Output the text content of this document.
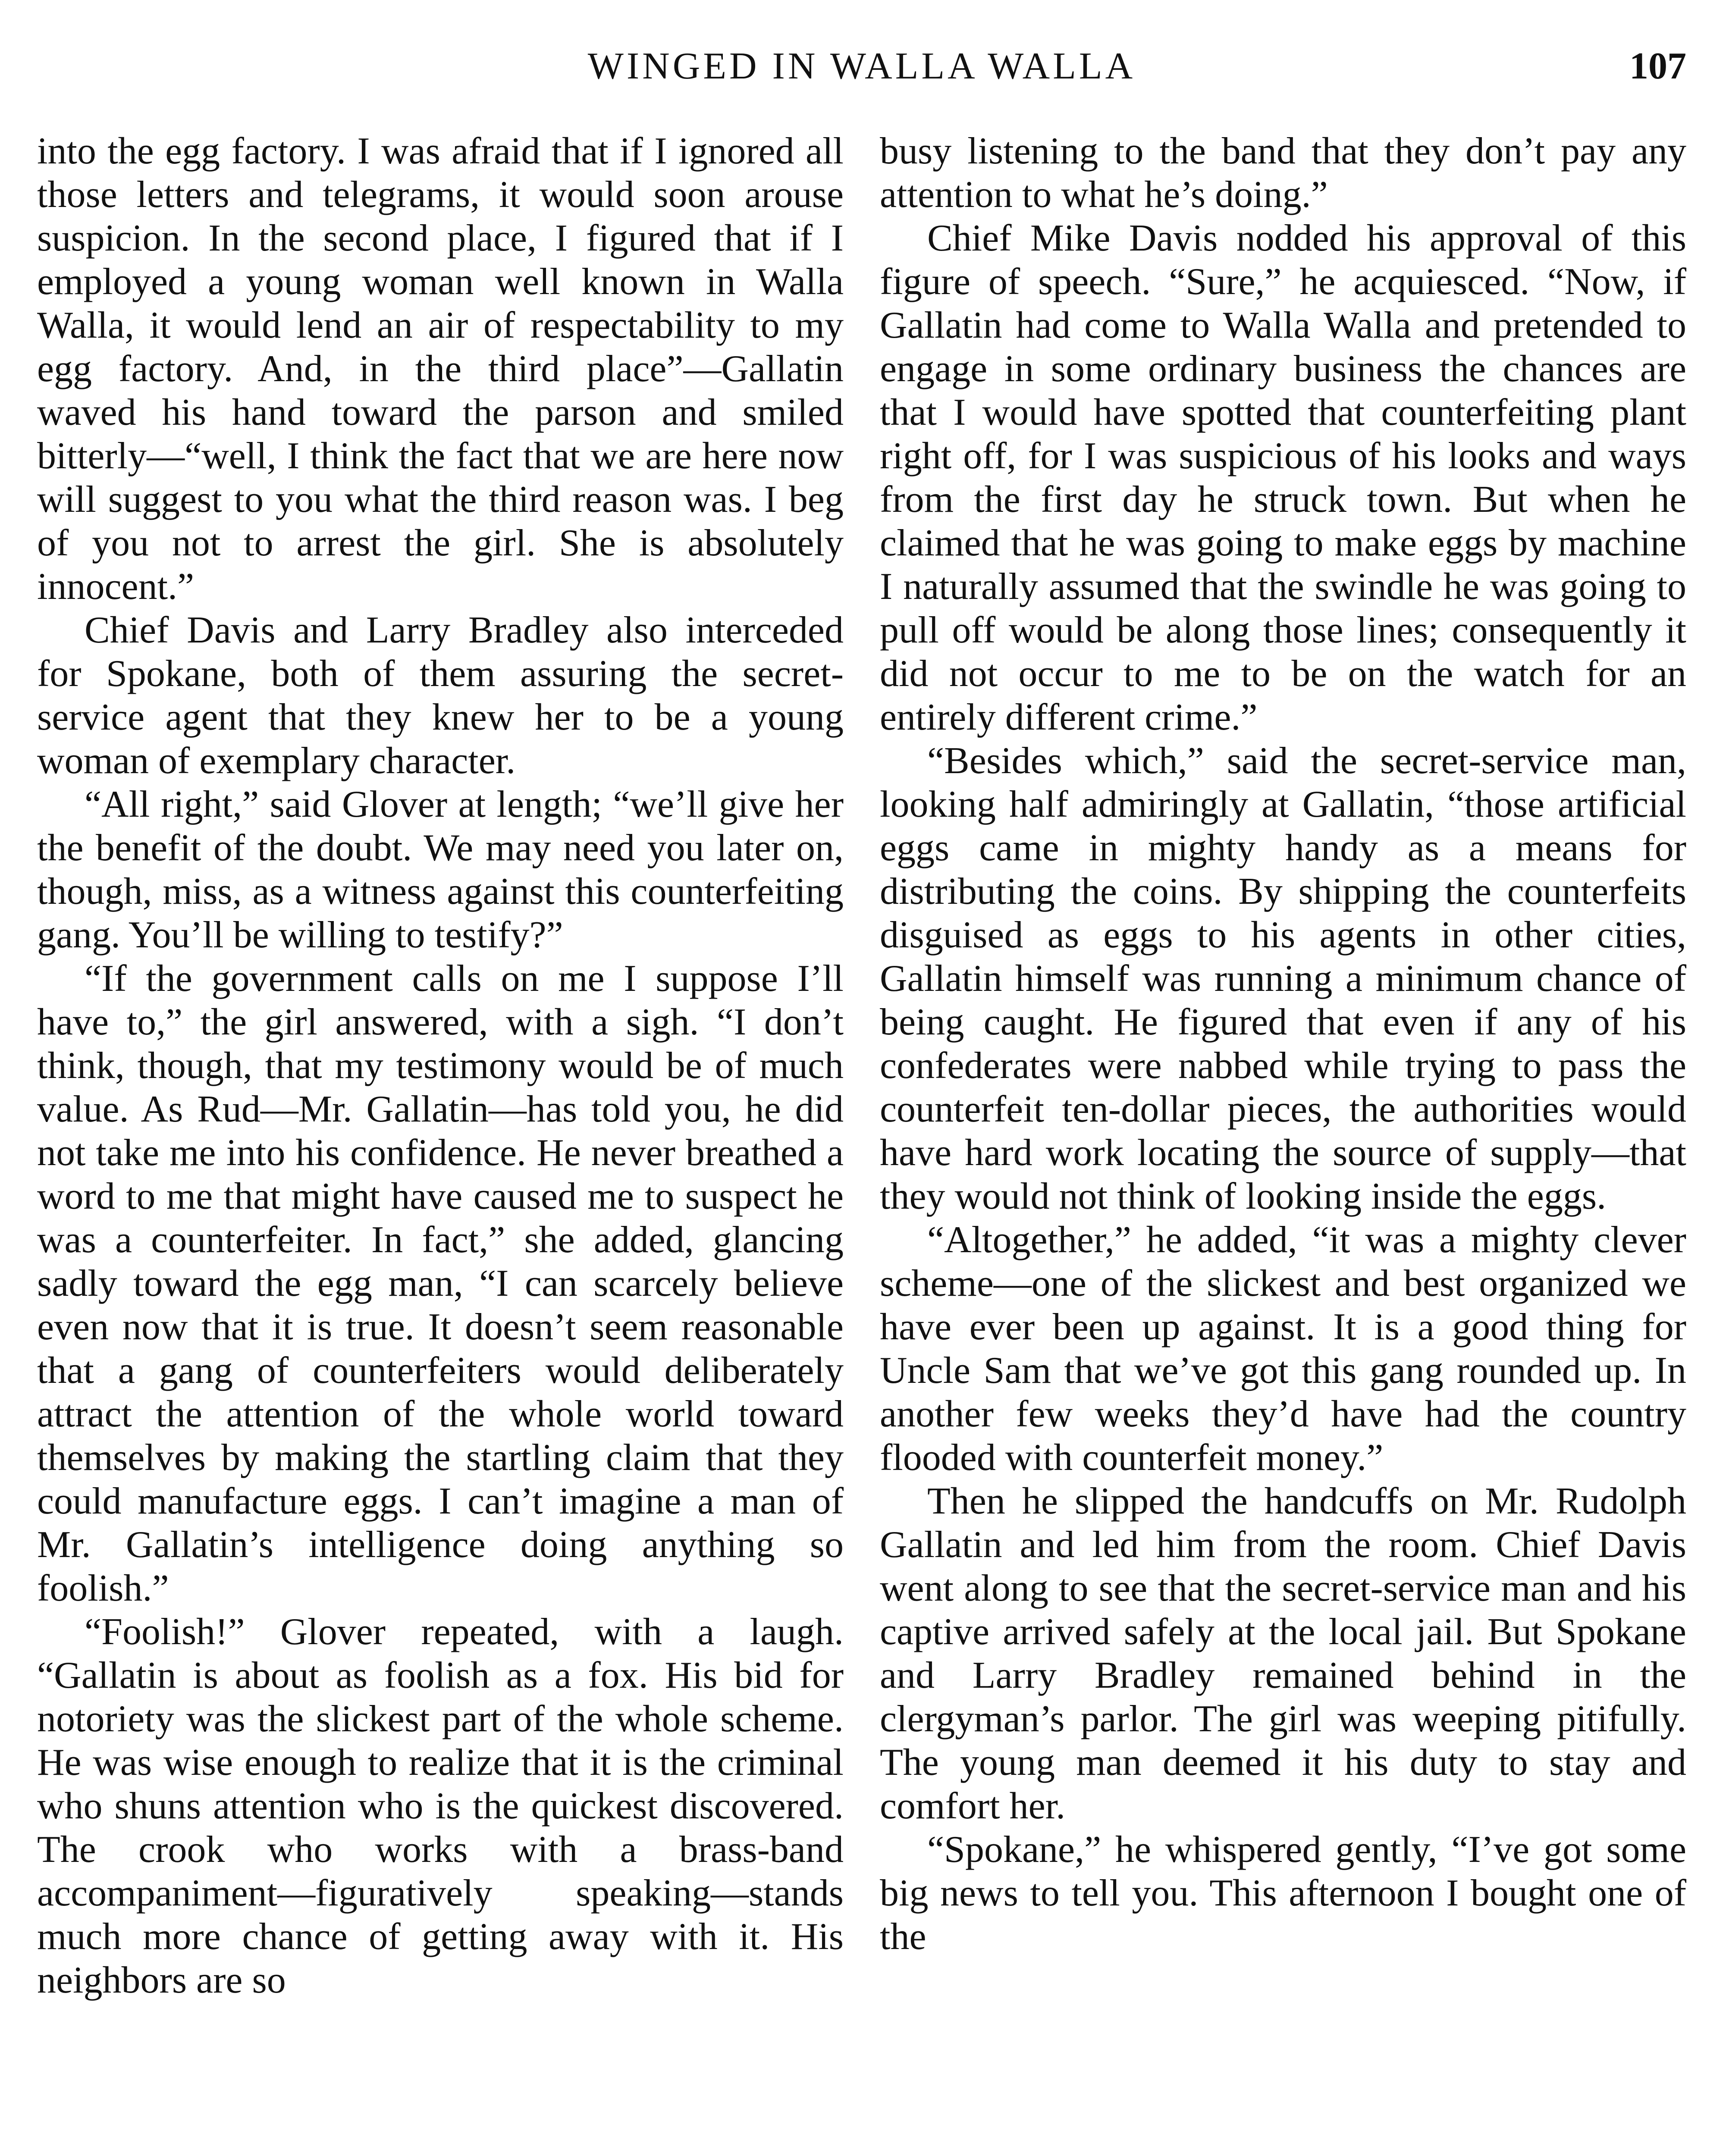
WINGED IN WALLA WALLA	107

into the egg factory. I was afraid that if I ignored all those letters and telegrams, it would soon arouse suspicion. In the second place, I figured that if I employed a young woman well known in Walla Walla, it would lend an air of respectability to my egg factory. And, in the third place”—Gallatin waved his hand toward the parson and smiled bitterly—“well, I think the fact that we are here now will suggest to you what the third reason was. I beg of you not to arrest the girl. She is absolutely innocent.”

Chief Davis and Larry Bradley also interceded for Spokane, both of them assuring the secret-service agent that they knew her to be a young woman of exemplary character.

“All right,” said Glover at length; “we’ll give her the benefit of the doubt. We may need you later on, though, miss, as a witness against this counterfeiting gang. You’ll be willing to testify?”

“If the government calls on me I suppose I’ll have to,” the girl answered, with a sigh. “I don’t think, though, that my testimony would be of much value. As Rud—Mr. Gallatin—has told you, he did not take me into his confidence. He never breathed a word to me that might have caused me to suspect he was a counterfeiter. In fact,” she added, glancing sadly toward the egg man, “I can scarcely believe even now that it is true. It doesn’t seem reasonable that a gang of counterfeiters would deliberately attract the attention of the whole world toward themselves by making the startling claim that they could manufacture eggs. I can’t imagine a man of Mr. Gallatin’s intelligence doing anything so foolish.”

“Foolish!” Glover repeated, with a laugh. “Gallatin is about as foolish as a fox. His bid for notoriety was the slickest part of the whole scheme. He was wise enough to realize that it is the criminal who shuns attention who is the quickest discovered. The crook who works with a brass-band accompaniment—figuratively speaking—stands much more chance of getting away with it. His neighbors are so

busy listening to the band that they don’t pay any attention to what he’s doing.”

Chief Mike Davis nodded his approval of this figure of speech. “Sure,” he acquiesced. “Now, if Gallatin had come to Walla Walla and pretended to engage in some ordinary business the chances are that I would have spotted that counterfeiting plant right off, for I was suspicious of his looks and ways from the first day he struck town. But when he claimed that he was going to make eggs by machine I naturally assumed that the swindle he was going to pull off would be along those lines; consequently it did not occur to me to be on the watch for an entirely different crime.”

“Besides which,” said the secret-service man, looking half admiringly at Gallatin, “those artificial eggs came in mighty handy as a means for distributing the coins. By shipping the counterfeits disguised as eggs to his agents in other cities, Gallatin himself was running a minimum chance of being caught. He figured that even if any of his confederates were nabbed while trying to pass the counterfeit ten-dollar pieces, the authorities would have hard work locating the source of supply—that they would not think of looking inside the eggs.

“Altogether,” he added, “it was a mighty clever scheme—one of the slickest and best organized we have ever been up against. It is a good thing for Uncle Sam that we’ve got this gang rounded up. In another few weeks they’d have had the country flooded with counterfeit money.”

Then he slipped the handcuffs on Mr. Rudolph Gallatin and led him from the room. Chief Davis went along to see that the secret-service man and his captive arrived safely at the local jail. But Spokane and Larry Bradley remained behind in the clergyman’s parlor. The girl was weeping pitifully. The young man deemed it his duty to stay and comfort her.

“Spokane,” he whispered gently, “I’ve got some big news to tell you. This afternoon I bought one of the
